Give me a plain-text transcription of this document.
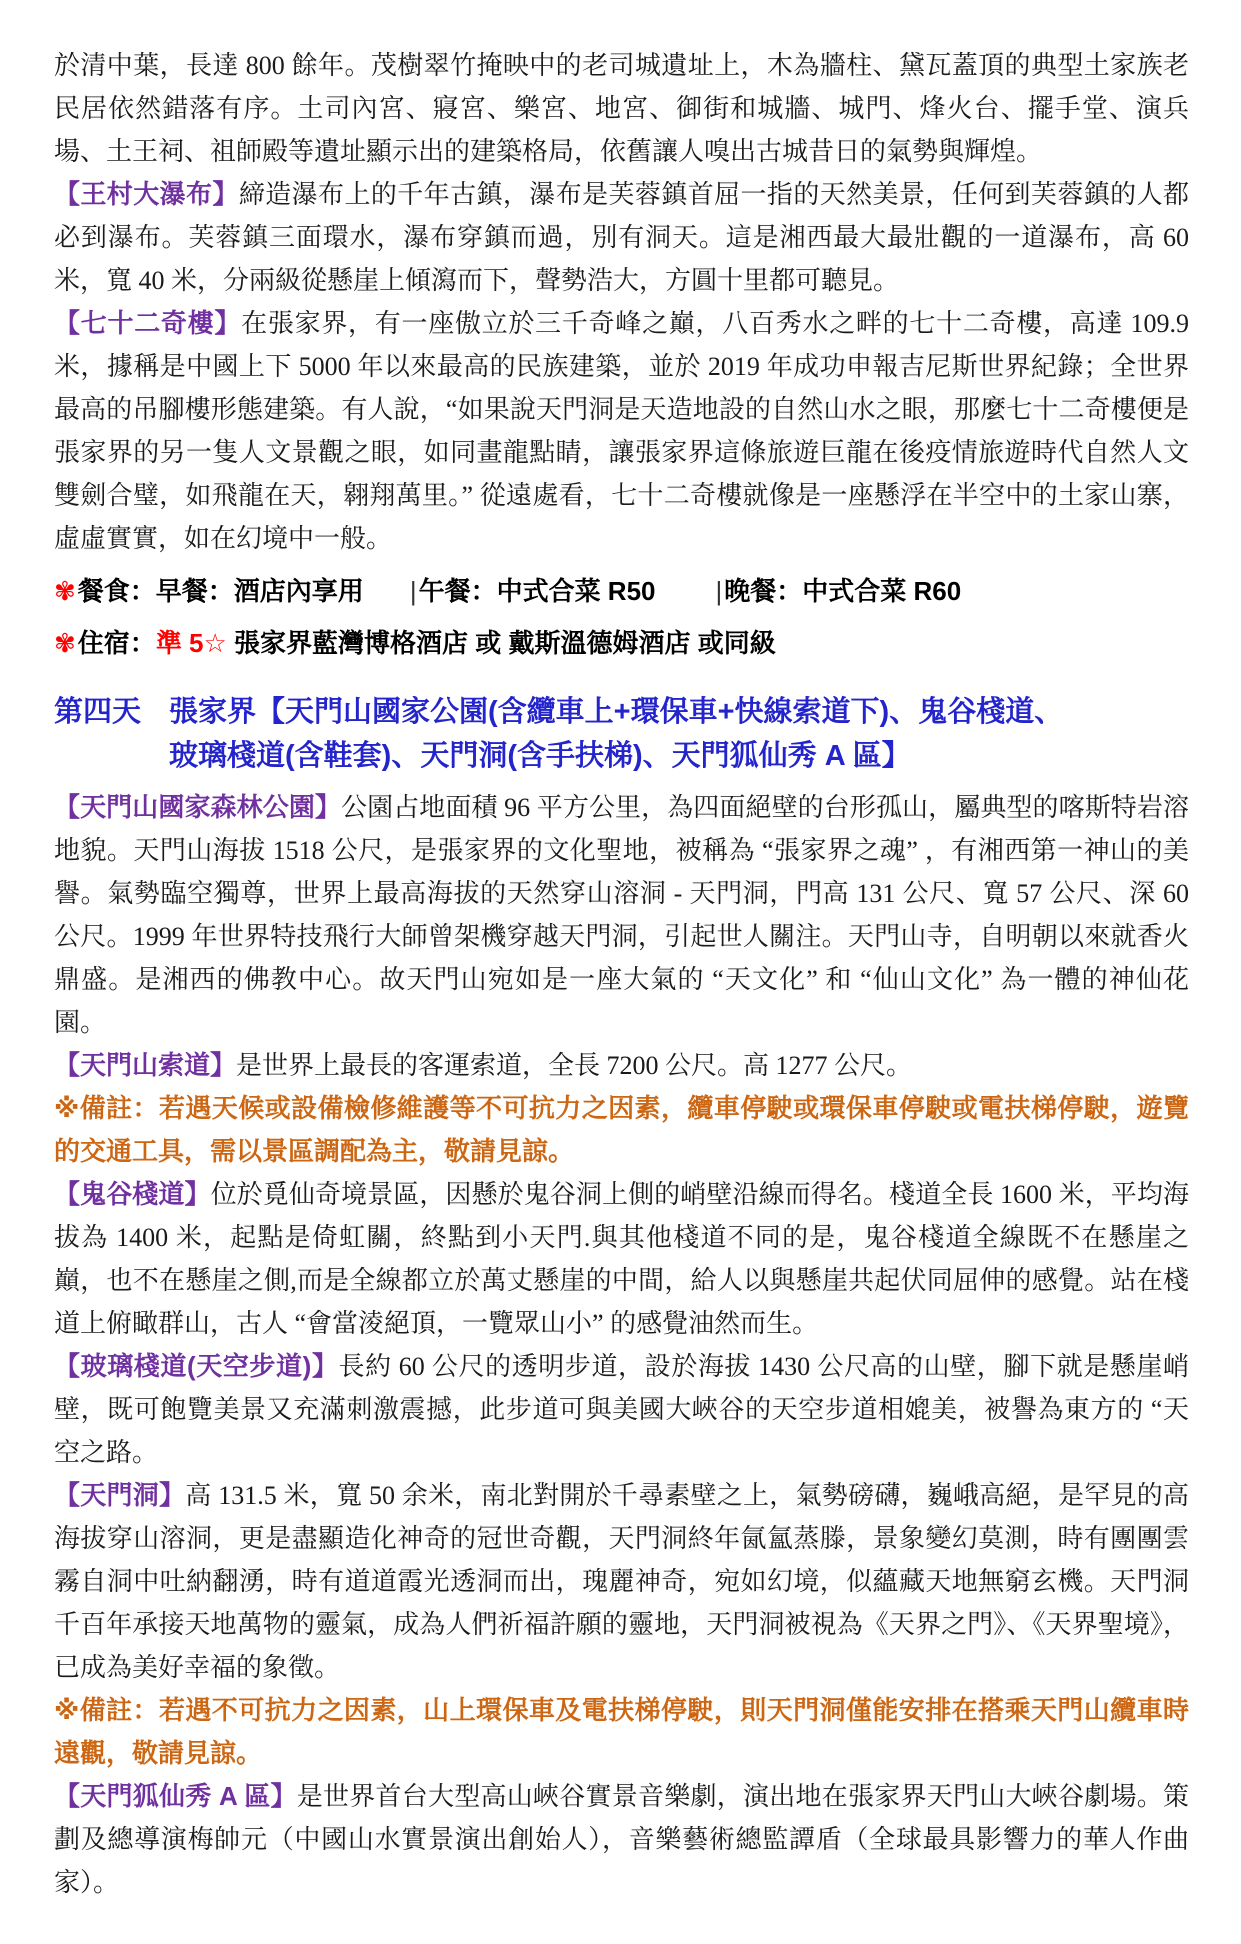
於清中葉，長達 800 餘年。茂樹翠竹掩映中的老司城遺址上，木為牆柱、黛瓦蓋頂的典型土家族老民居依然錯落有序。土司內宮、寢宮、樂宮、地宮、御街和城牆、城門、烽火台、擺手堂、演兵場、土王祠、祖師殿等遺址顯示出的建築格局，依舊讓人嗅出古城昔日的氣勢與輝煌。

【王村大瀑布】締造瀑布上的千年古鎮，瀑布是芙蓉鎮首屈一指的天然美景，任何到芙蓉鎮的人都必到瀑布。芙蓉鎮三面環水，瀑布穿鎮而過，別有洞天。這是湘西最大最壯觀的一道瀑布，高 60 米，寬 40 米，分兩級從懸崖上傾瀉而下，聲勢浩大，方圓十里都可聽見。

【七十二奇樓】在張家界，有一座傲立於三千奇峰之巔，八百秀水之畔的七十二奇樓，高達 109.9 米，據稱是中國上下 5000 年以來最高的民族建築，並於 2019 年成功申報吉尼斯世界紀錄；全世界最高的吊腳樓形態建築。有人說，“如果說天門洞是天造地設的自然山水之眼，那麼七十二奇樓便是張家界的另一隻人文景觀之眼，如同畫龍點睛，讓張家界這條旅遊巨龍在後疫情旅遊時代自然人文雙劍合璧，如飛龍在天，翱翔萬里。” 從遠處看，七十二奇樓就像是一座懸浮在半空中的土家山寨，虛虛實實，如在幻境中一般。

✾餐食：早餐：酒店內享用 |午餐：中式合菜 R50 |晚餐：中式合菜 R60
✾住宿：準 5☆ 張家界藍灣博格酒店 或 戴斯溫德姆酒店 或同級
第四天 張家界【天門山國家公園(含纜車上+環保車+快線索道下)、鬼谷棧道、
玻璃棧道(含鞋套)、天門洞(含手扶梯)、天門狐仙秀 A 區】

【天門山國家森林公園】公園占地面積 96 平方公里，為四面絕壁的台形孤山，屬典型的喀斯特岩溶地貌。天門山海拔 1518 公尺，是張家界的文化聖地，被稱為 “張家界之魂” ，有湘西第一神山的美譽。氣勢臨空獨尊，世界上最高海拔的天然穿山溶洞 - 天門洞，門高 131 公尺、寬 57 公尺、深 60 公尺。1999 年世界特技飛行大師曾架機穿越天門洞，引起世人關注。天門山寺，自明朝以來就香火鼎盛。是湘西的佛教中心。故天門山宛如是一座大氣的 “天文化” 和 “仙山文化” 為一體的神仙花園。

【天門山索道】是世界上最長的客運索道，全長 7200 公尺。高 1277 公尺。

※備註：若遇天候或設備檢修維護等不可抗力之因素，纜車停駛或環保車停駛或電扶梯停駛，遊覽的交通工具，需以景區調配為主，敬請見諒。

【鬼谷棧道】位於覓仙奇境景區，因懸於鬼谷洞上側的峭壁沿線而得名。棧道全長 1600 米，平均海拔為 1400 米，起點是倚虹關，終點到小天門.與其他棧道不同的是，鬼谷棧道全線既不在懸崖之巔，也不在懸崖之側,而是全線都立於萬丈懸崖的中間，給人以與懸崖共起伏同屈伸的感覺。站在棧道上俯瞰群山，古人 “會當淩絕頂，一覽眾山小” 的感覺油然而生。

【玻璃棧道(天空步道)】長約 60 公尺的透明步道，設於海拔 1430 公尺高的山壁，腳下就是懸崖峭壁，既可飽覽美景又充滿刺激震撼，此步道可與美國大峽谷的天空步道相媲美，被譽為東方的 “天空之路。

【天門洞】高 131.5 米，寬 50 余米，南北對開於千尋素壁之上，氣勢磅礴，巍峨高絕，是罕見的高海拔穿山溶洞，更是盡顯造化神奇的冠世奇觀，天門洞終年氤氳蒸滕，景象變幻莫測，時有團團雲霧自洞中吐納翻湧，時有道道霞光透洞而出，瑰麗神奇，宛如幻境，似蘊藏天地無窮玄機。天門洞 千百年承接天地萬物的靈氣，成為人們祈福許願的靈地，天門洞被視為《天界之門》、《天界聖境》，已成為美好幸福的象徵。

※備註：若遇不可抗力之因素，山上環保車及電扶梯停駛，則天門洞僅能安排在搭乘天門山纜車時遠觀，敬請見諒。

【天門狐仙秀 A 區】是世界首台大型高山峽谷實景音樂劇，演出地在張家界天門山大峽谷劇場。策劃及總導演梅帥元（中國山水實景演出創始人），音樂藝術總監譚盾（全球最具影響力的華人作曲家）。
